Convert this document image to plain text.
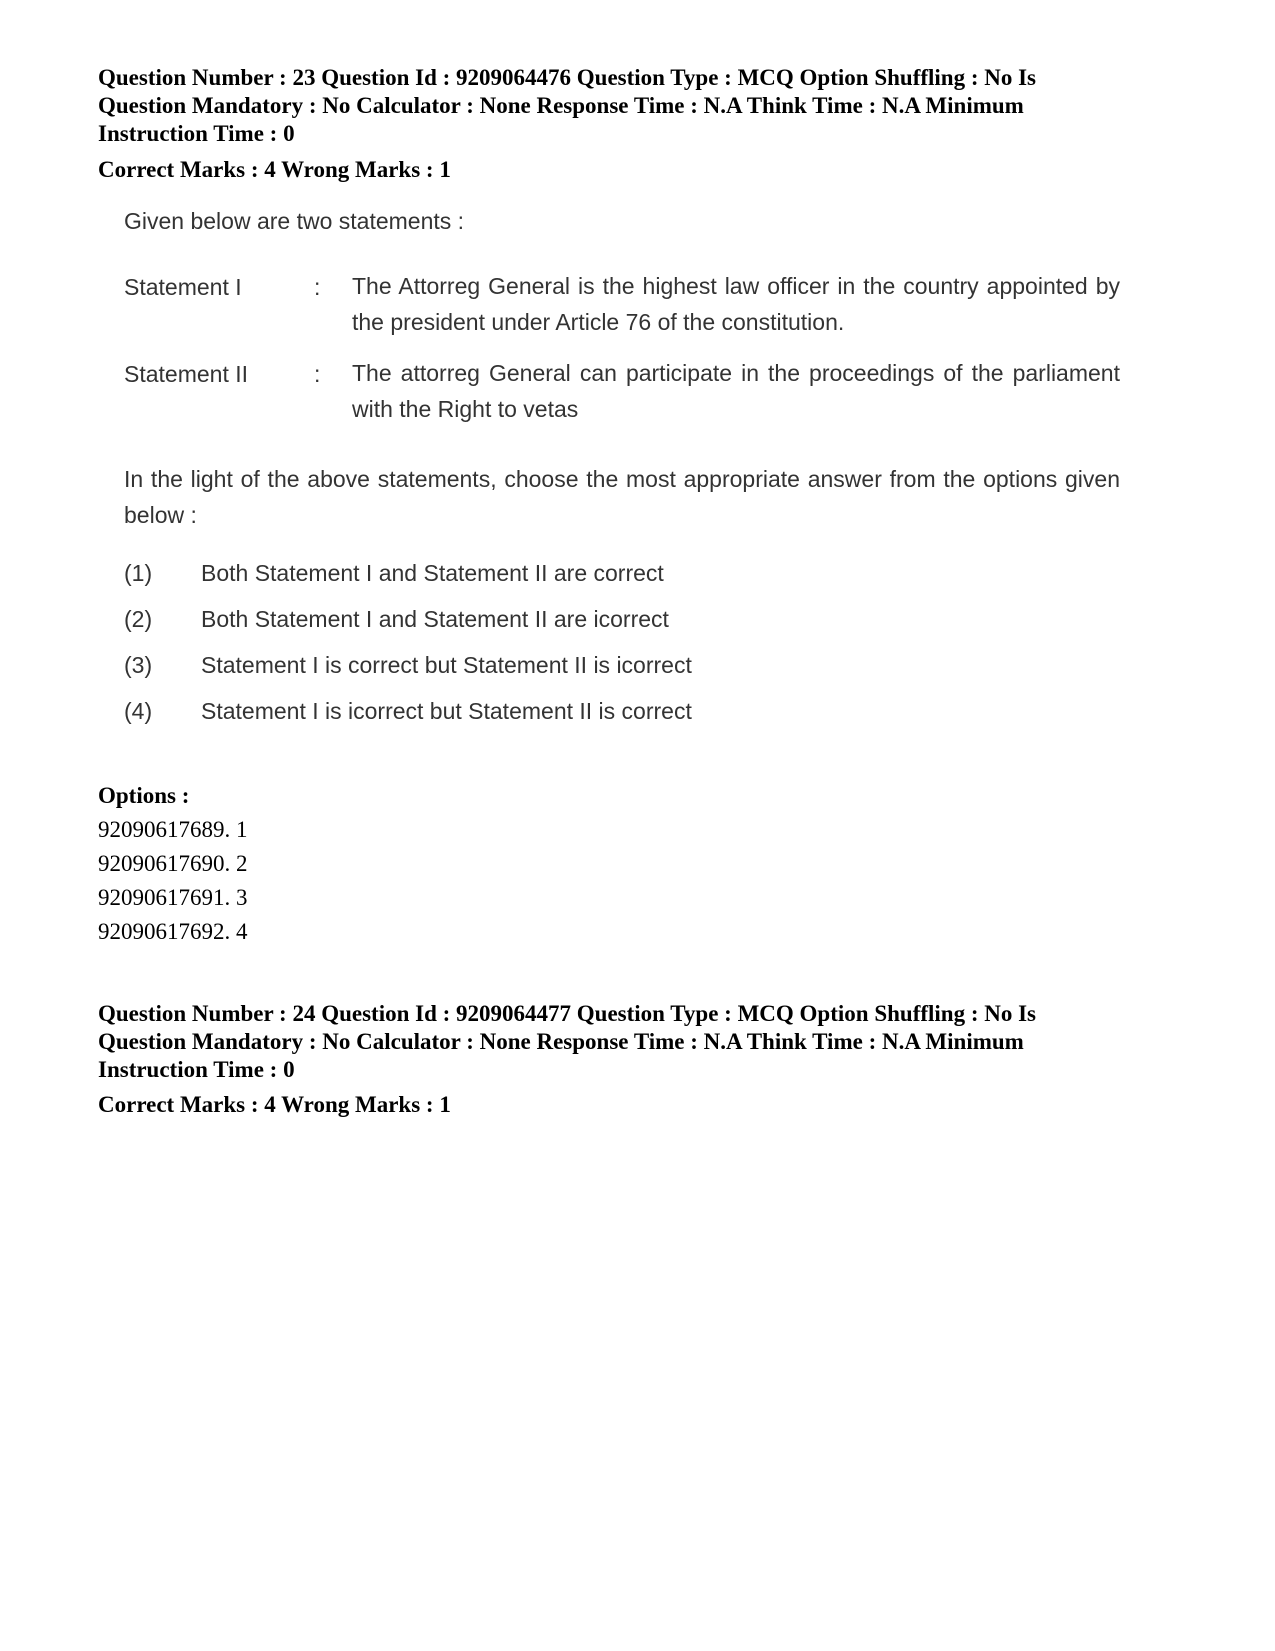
Question Number : 23 Question Id : 9209064476 Question Type : MCQ Option Shuffling : No Is
Question Mandatory : No Calculator : None Response Time : N.A Think Time : N.A Minimum
Instruction Time : 0
Correct Marks : 4 Wrong Marks : 1
Given below are two statements :
Statement I	: The Attorreg General is the highest law officer in the country appointed by the president under Article 76 of the constitution.
Statement II	: The attorreg General can participate in the proceedings of the parliament with the Right to vetas
In the light of the above statements, choose the most appropriate answer from the options given below :
(1) Both Statement I and Statement II are correct
(2) Both Statement I and Statement II are icorrect
(3) Statement I is correct but Statement II is icorrect
(4) Statement I is icorrect but Statement II is correct
Options :
92090617689. 1
92090617690. 2
92090617691. 3
92090617692. 4
Question Number : 24 Question Id : 9209064477 Question Type : MCQ Option Shuffling : No Is
Question Mandatory : No Calculator : None Response Time : N.A Think Time : N.A Minimum
Instruction Time : 0
Correct Marks : 4 Wrong Marks : 1
